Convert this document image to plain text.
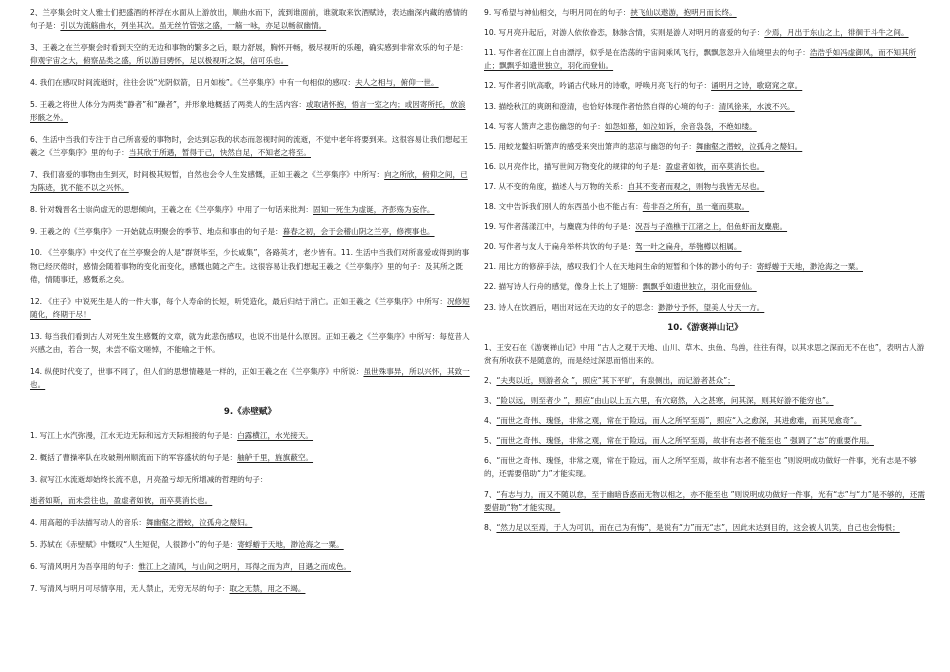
2、兰亭集会时文人雅士们把盛酒的杯浮在水面从上游放出，顺曲水而下，流到谁面前，谁就取来饮酒赋诗，表达幽深内藏的感情的句子是：引以为流觞曲水，列坐其次。虽无丝竹管弦之盛，一觞一咏，亦足以畅叙幽情。

3、王羲之在兰亭聚会时看到天空的无边和事物的繁多之后，眼力舒展，胸怀开畅，极尽视听的乐趣，确实感到非常欢乐的句子是：仰观宇宙之大，俯察品类之盛，所以游目骋怀，足以极视听之娱，信可乐也。

4. 我们在感叹时间流逝时，往往会说“光阴似箭，日月如梭”。《兰亭集序》中有一句相似的感叹：夫人之相与，俯仰一世。

5. 王羲之将世人体分为两类“静者”和“躁者”，并形象地概括了两类人的生活内容：或取诸怀抱，悟言一室之内；或因寄所托，放浪形骸之外。

6、生活中当我们专注于自己所喜爱的事物时，会达到忘我的状态而忽视时间的流逝，不觉中老年将要到来。这很容易让我们想起王羲之《兰亭集序》里的句子：当其欣于所遇，暂得于己，快然自足，不知老之将至。

7、我们喜爱的事物由生到灭，时间极其短暂，自然也会令人生发感慨，正如王羲之《兰亭集序》中所写：向之所欣，俯仰之间，已为陈迹，犹不能不以之兴怀。

8. 针对魏晋名士崇尚虚无的思想倾向，王羲之在《兰亭集序》中用了一句话来批判：固知一死生为虚诞，齐彭殇为妄作。

9. 王羲之的《兰亭集序》一开始就点明聚会的季节、地点和事由的句子是：暮春之初，会于会稽山阴之兰亭，修禊事也。

10. 《兰亭集序》中交代了在兰亭聚会的人是“群贤毕至，少长咸集”，各路英才，老少皆有。11. 生活中当我们对所喜爱或得到的事物已经厌倦时，感情会随着事物的变化而变化，感慨也随之产生。这很容易让我们想起王羲之《兰亭集序》里的句子：及其所之既倦，情随事迁，感慨系之矣。

12. 《庄子》中说死生是人的一件大事，每个人寿命的长短，听凭造化，最后归结于消亡。正如王羲之《兰亭集序》中所写：况修短随化，终期于尽！

13. 每当我们看到古人对死生发生感慨的文章，就为此悲伤感叹，也说不出是什么原因。正如王羲之《兰亭集序》中所写：每览昔人兴感之由，若合一契，未尝不临文嗟悼，不能喻之于怀。

14. 纵使时代变了，世事不同了，但人们的思想情趣是一样的，正如王羲之在《兰亭集序》中所说：虽世殊事异，所以兴怀，其致一也。

9.《赤壁赋》

1. 写江上水汽弥漫，江水无边无际和远方天际相接的句子是：白露横江，水光接天。

2. 概括了曹操率队在攻破荆州顺流而下的军容盛状的句子是：舳舻千里，旌旗蔽空。

3. 叙写江水流逝却始终长流不息，月亮盈亏却无所增减的哲理的句子：

逝者如斯，而未尝往也，盈虚者如彼，而卒莫消长也。

4. 用高超的手法描写动人的音乐：舞幽壑之潜蛟，泣孤舟之嫠妇。

5. 苏轼在《赤壁赋》中慨叹“人生短促，人很渺小”的句子是：寄蜉蝣于天地，渺沧海之一粟。

6. 写清风明月为吾享用的句子：惟江上之清风，与山间之明月，耳得之而为声，目遇之而成色。

7. 写清风与明月可尽情享用，无人禁止，无穷无尽的句子：取之无禁，用之不竭。

9. 写希望与神仙相交，与明月同在的句子：挟飞仙以遨游，抱明月而长终。

10. 写月亮升起后，对游人依依眷恋，脉脉含情，实则是游人对明月的喜爱的句子：少焉，月出于东山之上，徘徊于斗牛之间。

11. 写作者在江面上自由漂浮，似乎是在浩荡的宇宙间乘风飞行，飘飘忽忽升入仙境里去的句子：浩浩乎如冯虚御风，而不知其所止；飘飘乎如遗世独立，羽化而登仙。

12. 写作者引吭高歌，吟诵古代咏月的诗歌，呼唤月亮飞行的句子：诵明月之诗，歌窈窕之章。

13. 描绘秋江的爽朗和澄清，也恰好体现作者怡然自得的心境的句子：清风徐来，水波不兴。

14. 写客人箫声之悲伤幽怨的句子：如怨如慕，如泣如诉，余音袅袅，不绝如缕。

15. 用蛟龙鳌妇听箫声的感受来突出箫声的悲凉与幽怨的句子：舞幽壑之潜蛟，泣孤舟之嫠妇。

16. 以月亮作比，描写世间万物变化的规律的句子是：盈虚者如彼，而卒莫消长也。

17. 从不变的角度，描述人与万物的关系：自其不变者而观之，则物与我皆无尽也。

18. 文中告诉我们别人的东西虽小也不能占有：苟非吾之所有，虽一毫而莫取。

19. 写作者荡漾江中，与麋鹿为伴的句子是：况吾与子渔樵于江渚之上，侣鱼虾而友麋鹿。

20. 写作者与友人于扁舟举杯共饮的句子是：驾一叶之扁舟，举匏樽以相属。

21. 用比方的修辞手法，感叹我们个人在天地间生命的短暂和个体的渺小的句子：寄蜉蝣于天地，渺沧海之一粟。

22. 描写诗人行舟的感觉，像身上长上了翅膀：飘飘乎如遗世独立，羽化而登仙。

23. 诗人在饮酒后，唱出对远在天边的女子的思念：渺渺兮予怀，望美人兮天一方。

10.《游褒禅山记》

1、王安石在《游褒禅山记》中用 “古人之观于天地、山川、草木、虫鱼、鸟兽，往往有得，以其求思之深而无不在也”，表明古人游赏有所收获不是随意的，而是经过深思而悟出来的。

2、“夫夷以近，则游者众 ”，照应“其下平旷，有泉侧出，而记游者甚众”；

3、“险以远，则至者少 ”，照应“由山以上五六里，有穴窈然，入之甚寒，问其深，则其好游不能穷也”。

4、“而世之奇伟、瑰怪，非常之观，常在于险远，而人之所罕至焉”，照应“入之愈深，其进愈难，而其见愈奇”。

5、“而世之奇伟、瑰怪，非常之观，常在于险远，而人之所罕至焉，故非有志者不能至也 ” 强调了“志”的重要作用。

6、“而世之奇伟、瑰怪，非常之观，常在于险远，而人之所罕至焉，故非有志者不能至也 ”则说明成功做好一件事，光有志是不够的，还需要借助“力”才能实现。

7、“有志与力，而又不随以怠，至于幽暗昏惑而无物以相之，亦不能至也 ”则说明成功做好一件事，光有“志”与“力”是不够的，还需要借助“物”才能实现。

8、“然力足以至焉，于人为可讥，而在己为有悔”，是说有“力”而无“志”，因此未达到目的，这会被人讥笑，自己也会悔恨；
